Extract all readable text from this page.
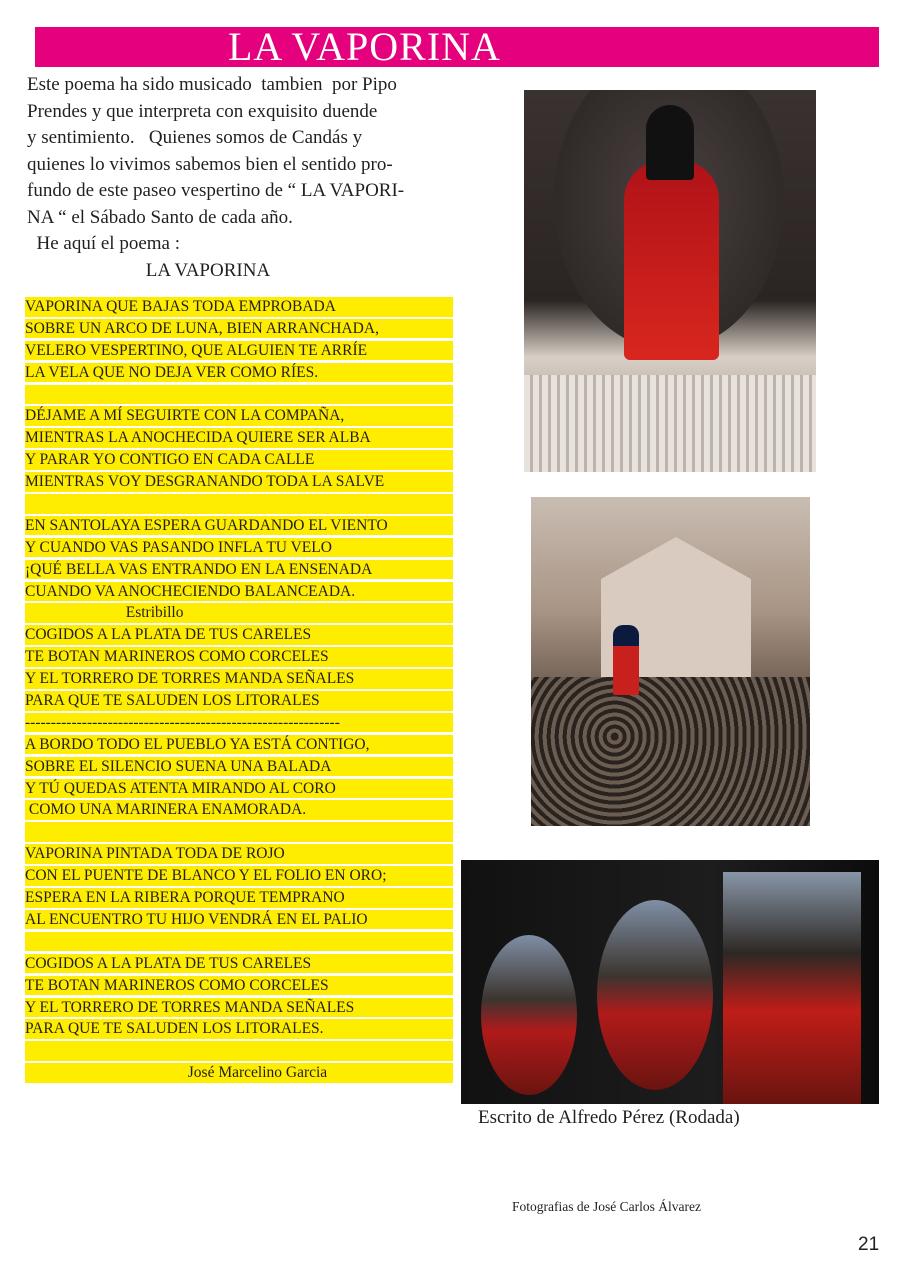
LA VAPORINA

Este poema ha sido musicado  tambien  por Pipo

Prendes y que interpreta con exquisito duende

y sentimiento.   Quienes somos de Candás y

quienes lo vivimos sabemos bien el sentido pro-

fundo de este paseo vespertino de “ LA VAPORI-

NA “ el Sábado Santo de cada año.

He aquí el poema :

LA VAPORINA

VAPORINA QUE BAJAS TODA EMPROBADA
SOBRE UN ARCO DE LUNA, BIEN ARRANCHADA,
VELERO VESPERTINO, QUE ALGUIEN TE ARRÍE
LA VELA QUE NO DEJA VER COMO RÍES.
DÉJAME A MÍ SEGUIRTE CON LA COMPAÑA,
MIENTRAS LA ANOCHECIDA QUIERE SER ALBA
Y PARAR YO CONTIGO EN CADA CALLE
MIENTRAS VOY DESGRANANDO TODA LA SALVE
EN SANTOLAYA ESPERA GUARDANDO EL VIENTO
Y CUANDO VAS PASANDO INFLA TU VELO
¡QUÉ BELLA VAS ENTRANDO EN LA ENSENADA
CUANDO VA ANOCHECIENDO BALANCEADA.
Estribillo
COGIDOS A LA PLATA DE TUS CARELES
TE BOTAN MARINEROS COMO CORCELES
Y EL TORRERO DE TORRES MANDA SEÑALES
PARA QUE TE SALUDEN LOS LITORALES
-------------------------------------------------------------
A BORDO TODO EL PUEBLO YA ESTÁ CONTIGO,
SOBRE EL SILENCIO SUENA UNA BALADA
Y TÚ QUEDAS ATENTA MIRANDO AL CORO
COMO UNA MARINERA ENAMORADA.
VAPORINA PINTADA TODA DE ROJO
CON EL PUENTE DE BLANCO Y EL FOLIO EN ORO;
ESPERA EN LA RIBERA PORQUE TEMPRANO
AL ENCUENTRO TU HIJO VENDRÁ EN EL PALIO
COGIDOS A LA PLATA DE TUS CARELES
TE BOTAN MARINEROS COMO CORCELES
Y EL TORRERO DE TORRES MANDA SEÑALES
PARA QUE TE SALUDEN LOS LITORALES.
José Marcelino Garcia
Escrito de Alfredo Pérez (Rodada)
Fotografias de José Carlos Álvarez
21
